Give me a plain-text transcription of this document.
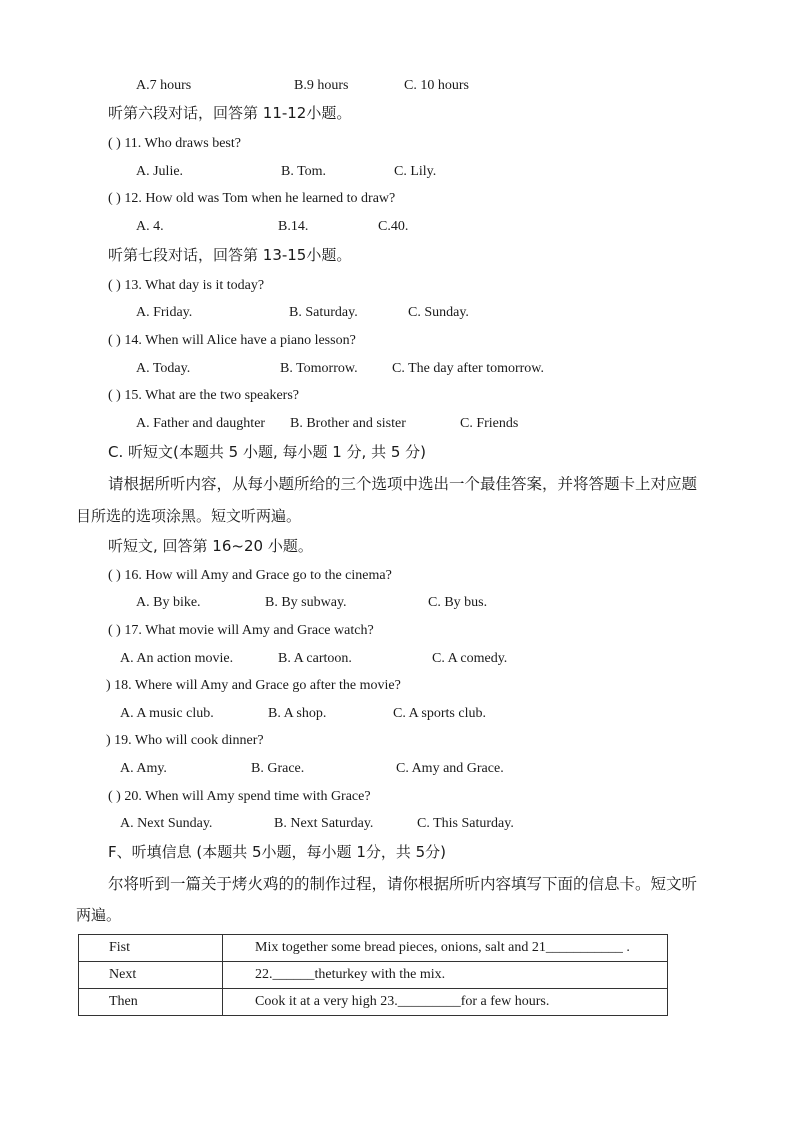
A.7 hours	B.9 hours	C. 10 hours
听第六段对话，回答第 11-12小题。
( ) 11. Who draws best?
A. Julie.	B. Tom.	C. Lily.
( ) 12. How old was Tom when he learned to draw?
A. 4.	B.14.	C.40.
听第七段对话，回答第 13-15小题。
( ) 13. What day is it today?
A. Friday.	B. Saturday.	C. Sunday.
( ) 14. When will Alice have a piano lesson?
A. Today.	B. Tomorrow. C. The day after tomorrow.
( ) 15. What are the two speakers?
A. Father and daughter B. Brother and sister	C. Friends
C. 听短文(本题共 5 小题, 每小题 1 分, 共 5 分)
请根据所听内容，从每小题所给的三个选项中选出一个最佳答案，并将答题卡上对应题
目所选的选项涂黑。短文听两遍。
听短文, 回答第 16~20 小题。
( ) 16. How will Amy and Grace go to the cinema?
A. By bike.	B. By subway.	C. By bus.
( ) 17. What movie will Amy and Grace watch?
A. An action movie.	B. A cartoon.	C. A comedy.
) 18. Where will Amy and Grace go after the movie?
A. A music club.	B. A shop.	C. A sports club.
) 19. Who will cook dinner?
A. Amy.	B. Grace.	C. Amy and Grace.
( ) 20. When will Amy spend time with Grace?
A. Next Sunday.	B. Next Saturday.	C. This Saturday.
F、听填信息 (本题共 5小题，每小题 1分，共 5分)
尔将听到一篇关于烤火鸡的的制作过程，请你根据所听内容填写下面的信息卡。短文听
两遍。
Fist	Mix together some bread pieces, onions, salt and 21___________ .
Next	22.______theturkey with the mix.
Then	Cook it at a very high 23._________for a few hours.
